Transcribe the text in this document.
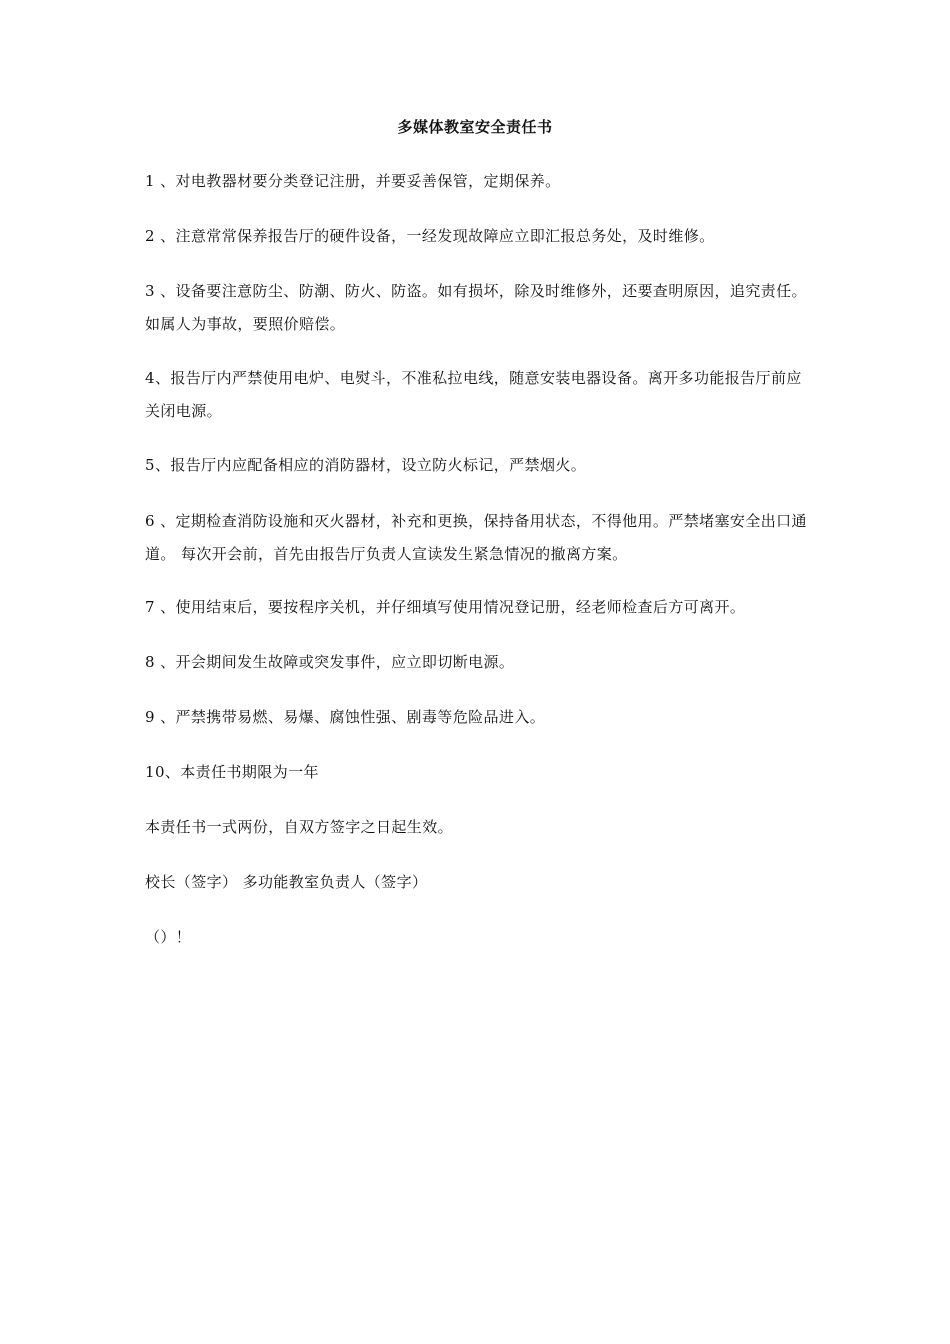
多媒体教室安全责任书

1 、对电教器材要分类登记注册，并要妥善保管，定期保养。

2 、注意常常保养报告厅的硬件设备，一经发现故障应立即汇报总务处，及时维修。

3 、设备要注意防尘、防潮、防火、防盗。如有损坏，除及时维修外，还要查明原因，追究责任。如属人为事故，要照价赔偿。

4、报告厅内严禁使用电炉、电熨斗，不准私拉电线，随意安装电器设备。离开多功能报告厅前应关闭电源。

5、报告厅内应配备相应的消防器材，设立防火标记，严禁烟火。

6 、定期检查消防设施和灭火器材，补充和更换，保持备用状态，不得他用。严禁堵塞安全出口通道。 每次开会前，首先由报告厅负责人宣读发生紧急情况的撤离方案。

7 、使用结束后，要按程序关机，并仔细填写使用情况登记册，经老师检查后方可离开。

8 、开会期间发生故障或突发事件，应立即切断电源。

9 、严禁携带易燃、易爆、腐蚀性强、剧毒等危险品进入。

10、本责任书期限为一年

本责任书一式两份，自双方签字之日起生效。

校长（签字） 多功能教室负责人（签字）

（）！
